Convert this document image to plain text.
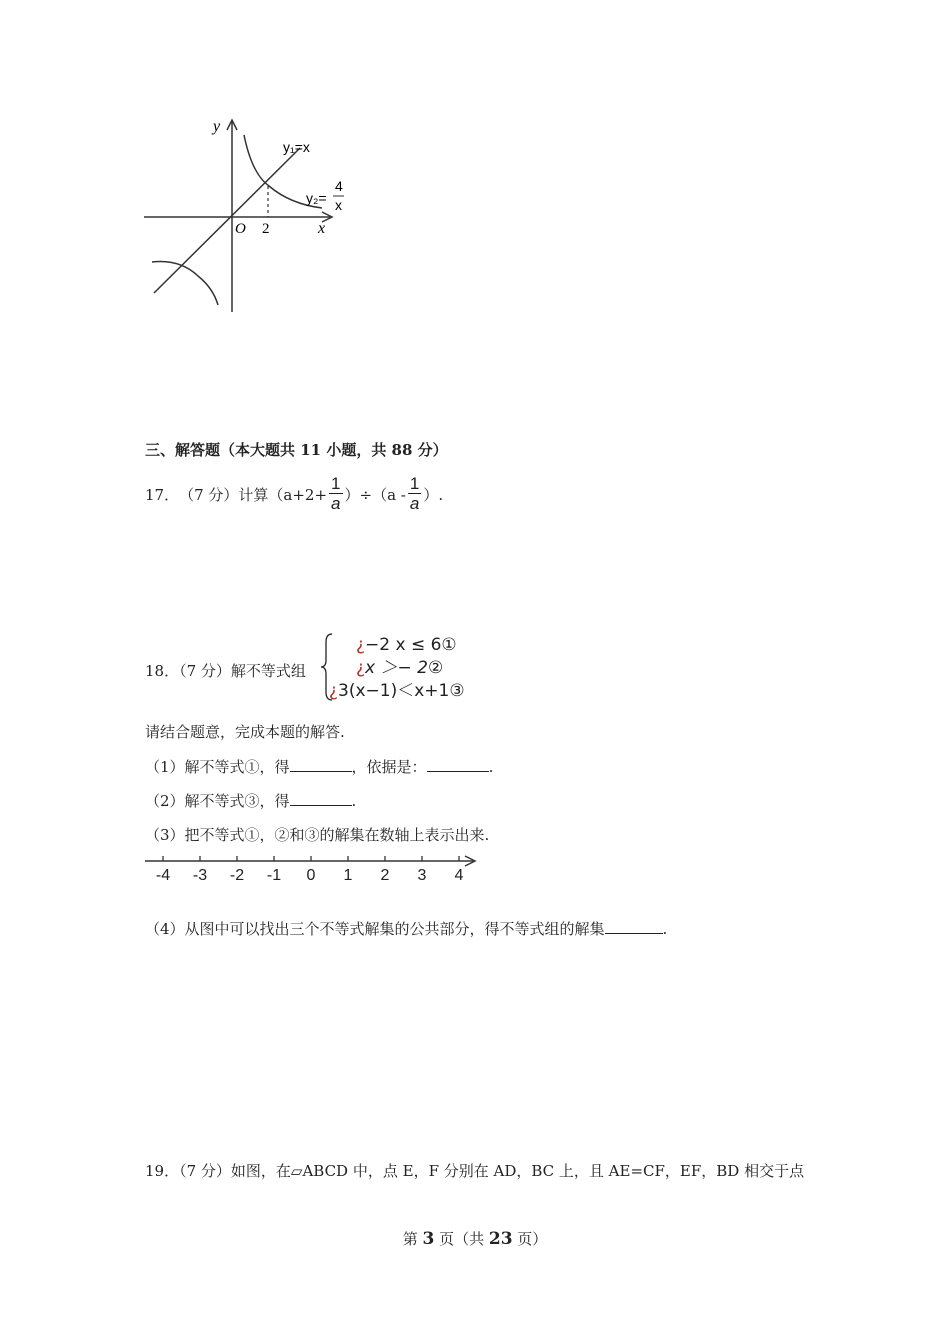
y
x
O 2
y₁=x
y₂=
4
x
三、解答题（本大题共 11 小题，共 88 分）
17． （7 分） 计算$(a+2+ \frac{1}{a} )\div(a - \frac{1}{a}$ ）.
18．（7 分）解不等式组
¿−2 x ≤ 6①
¿x ＞− 2②
¿3(x−1)＜x+1③
请结合题意，完成本题的解答.
（1）解不等式①，得	，依据是：	.
（2）解不等式③，得	.
（3）把不等式①，②和③的解集在数轴上表示出来.
-4 -3 -2 -1 0 1 2 3 4
（4）从图中可以找出三个不等式解集的公共部分，得不等式组的解集	.
19．（7 分）如图，在▱ABCD 中，点 E，F 分别在 AD，BC 上，且 AE=CF，EF，BD 相交于点
第 3 页（共 23 页）
